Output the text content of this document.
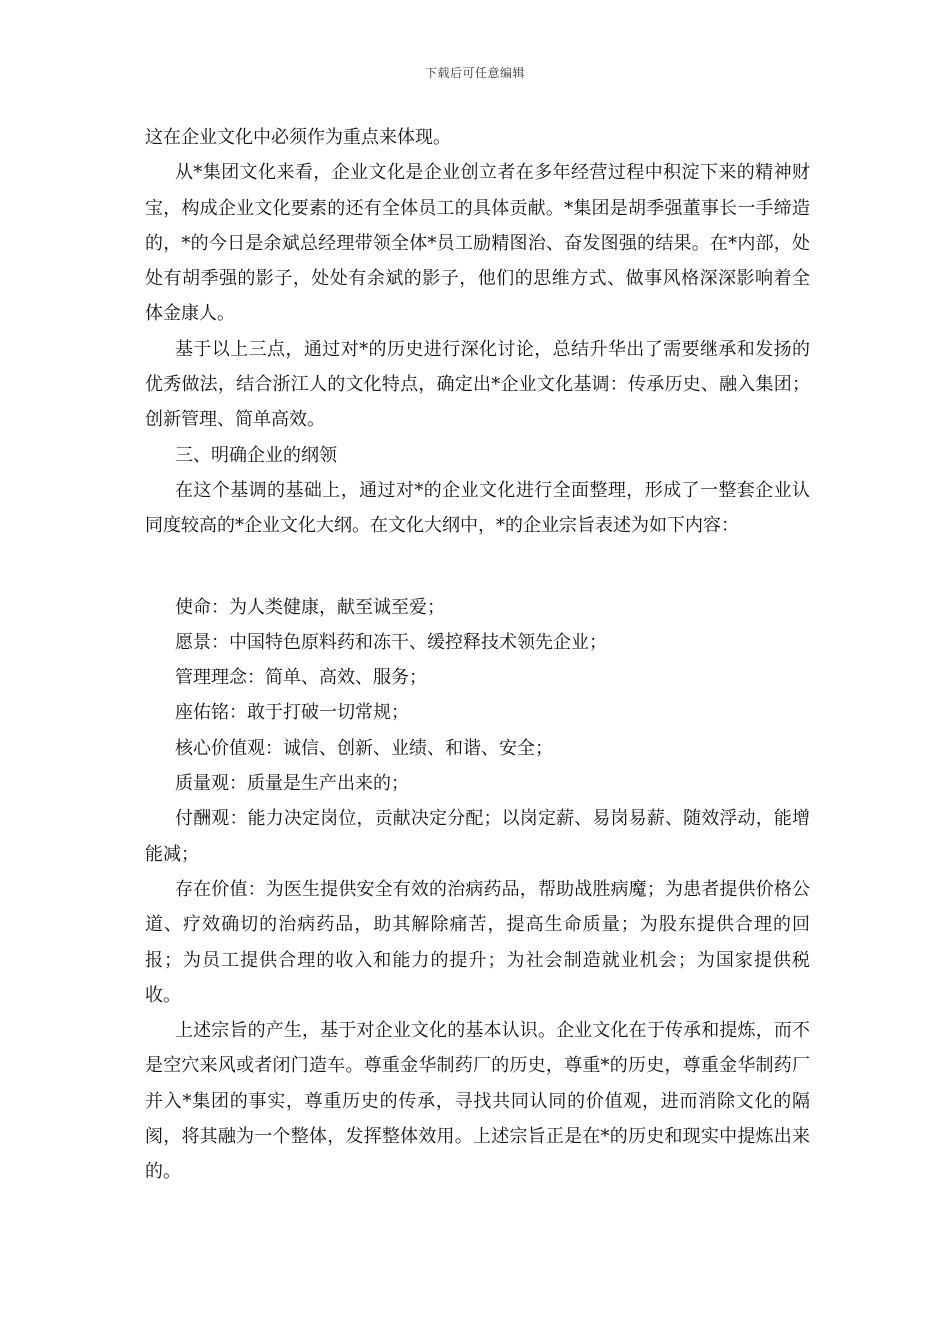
下载后可任意编辑

这在企业文化中必须作为重点来体现。

从*集团文化来看，企业文化是企业创立者在多年经营过程中积淀下来的精神财宝，构成企业文化要素的还有全体员工的具体贡献。*集团是胡季强董事长一手缔造的，*的今日是余斌总经理带领全体*员工励精图治、奋发图强的结果。在*内部，处处有胡季强的影子，处处有余斌的影子，他们的思维方式、做事风格深深影响着全体金康人。

基于以上三点，通过对*的历史进行深化讨论，总结升华出了需要继承和发扬的优秀做法，结合浙江人的文化特点，确定出*企业文化基调：传承历史、融入集团；创新管理、简单高效。

三、明确企业的纲领

在这个基调的基础上，通过对*的企业文化进行全面整理，形成了一整套企业认同度较高的*企业文化大纲。在文化大纲中，*的企业宗旨表述为如下内容：

使命：为人类健康，献至诚至爱；

愿景：中国特色原料药和冻干、缓控释技术领先企业；

管理理念：简单、高效、服务；

座佑铭：敢于打破一切常规；

核心价值观：诚信、创新、业绩、和谐、安全；

质量观：质量是生产出来的；

付酬观：能力决定岗位，贡献决定分配；以岗定薪、易岗易薪、随效浮动，能增能减；

存在价值：为医生提供安全有效的治病药品，帮助战胜病魔；为患者提供价格公道、疗效确切的治病药品，助其解除痛苦，提高生命质量；为股东提供合理的回报；为员工提供合理的收入和能力的提升；为社会制造就业机会；为国家提供税收。

上述宗旨的产生，基于对企业文化的基本认识。企业文化在于传承和提炼，而不是空穴来风或者闭门造车。尊重金华制药厂的历史，尊重*的历史，尊重金华制药厂并入*集团的事实，尊重历史的传承，寻找共同认同的价值观，进而消除文化的隔阂，将其融为一个整体，发挥整体效用。上述宗旨正是在*的历史和现实中提炼出来的。
